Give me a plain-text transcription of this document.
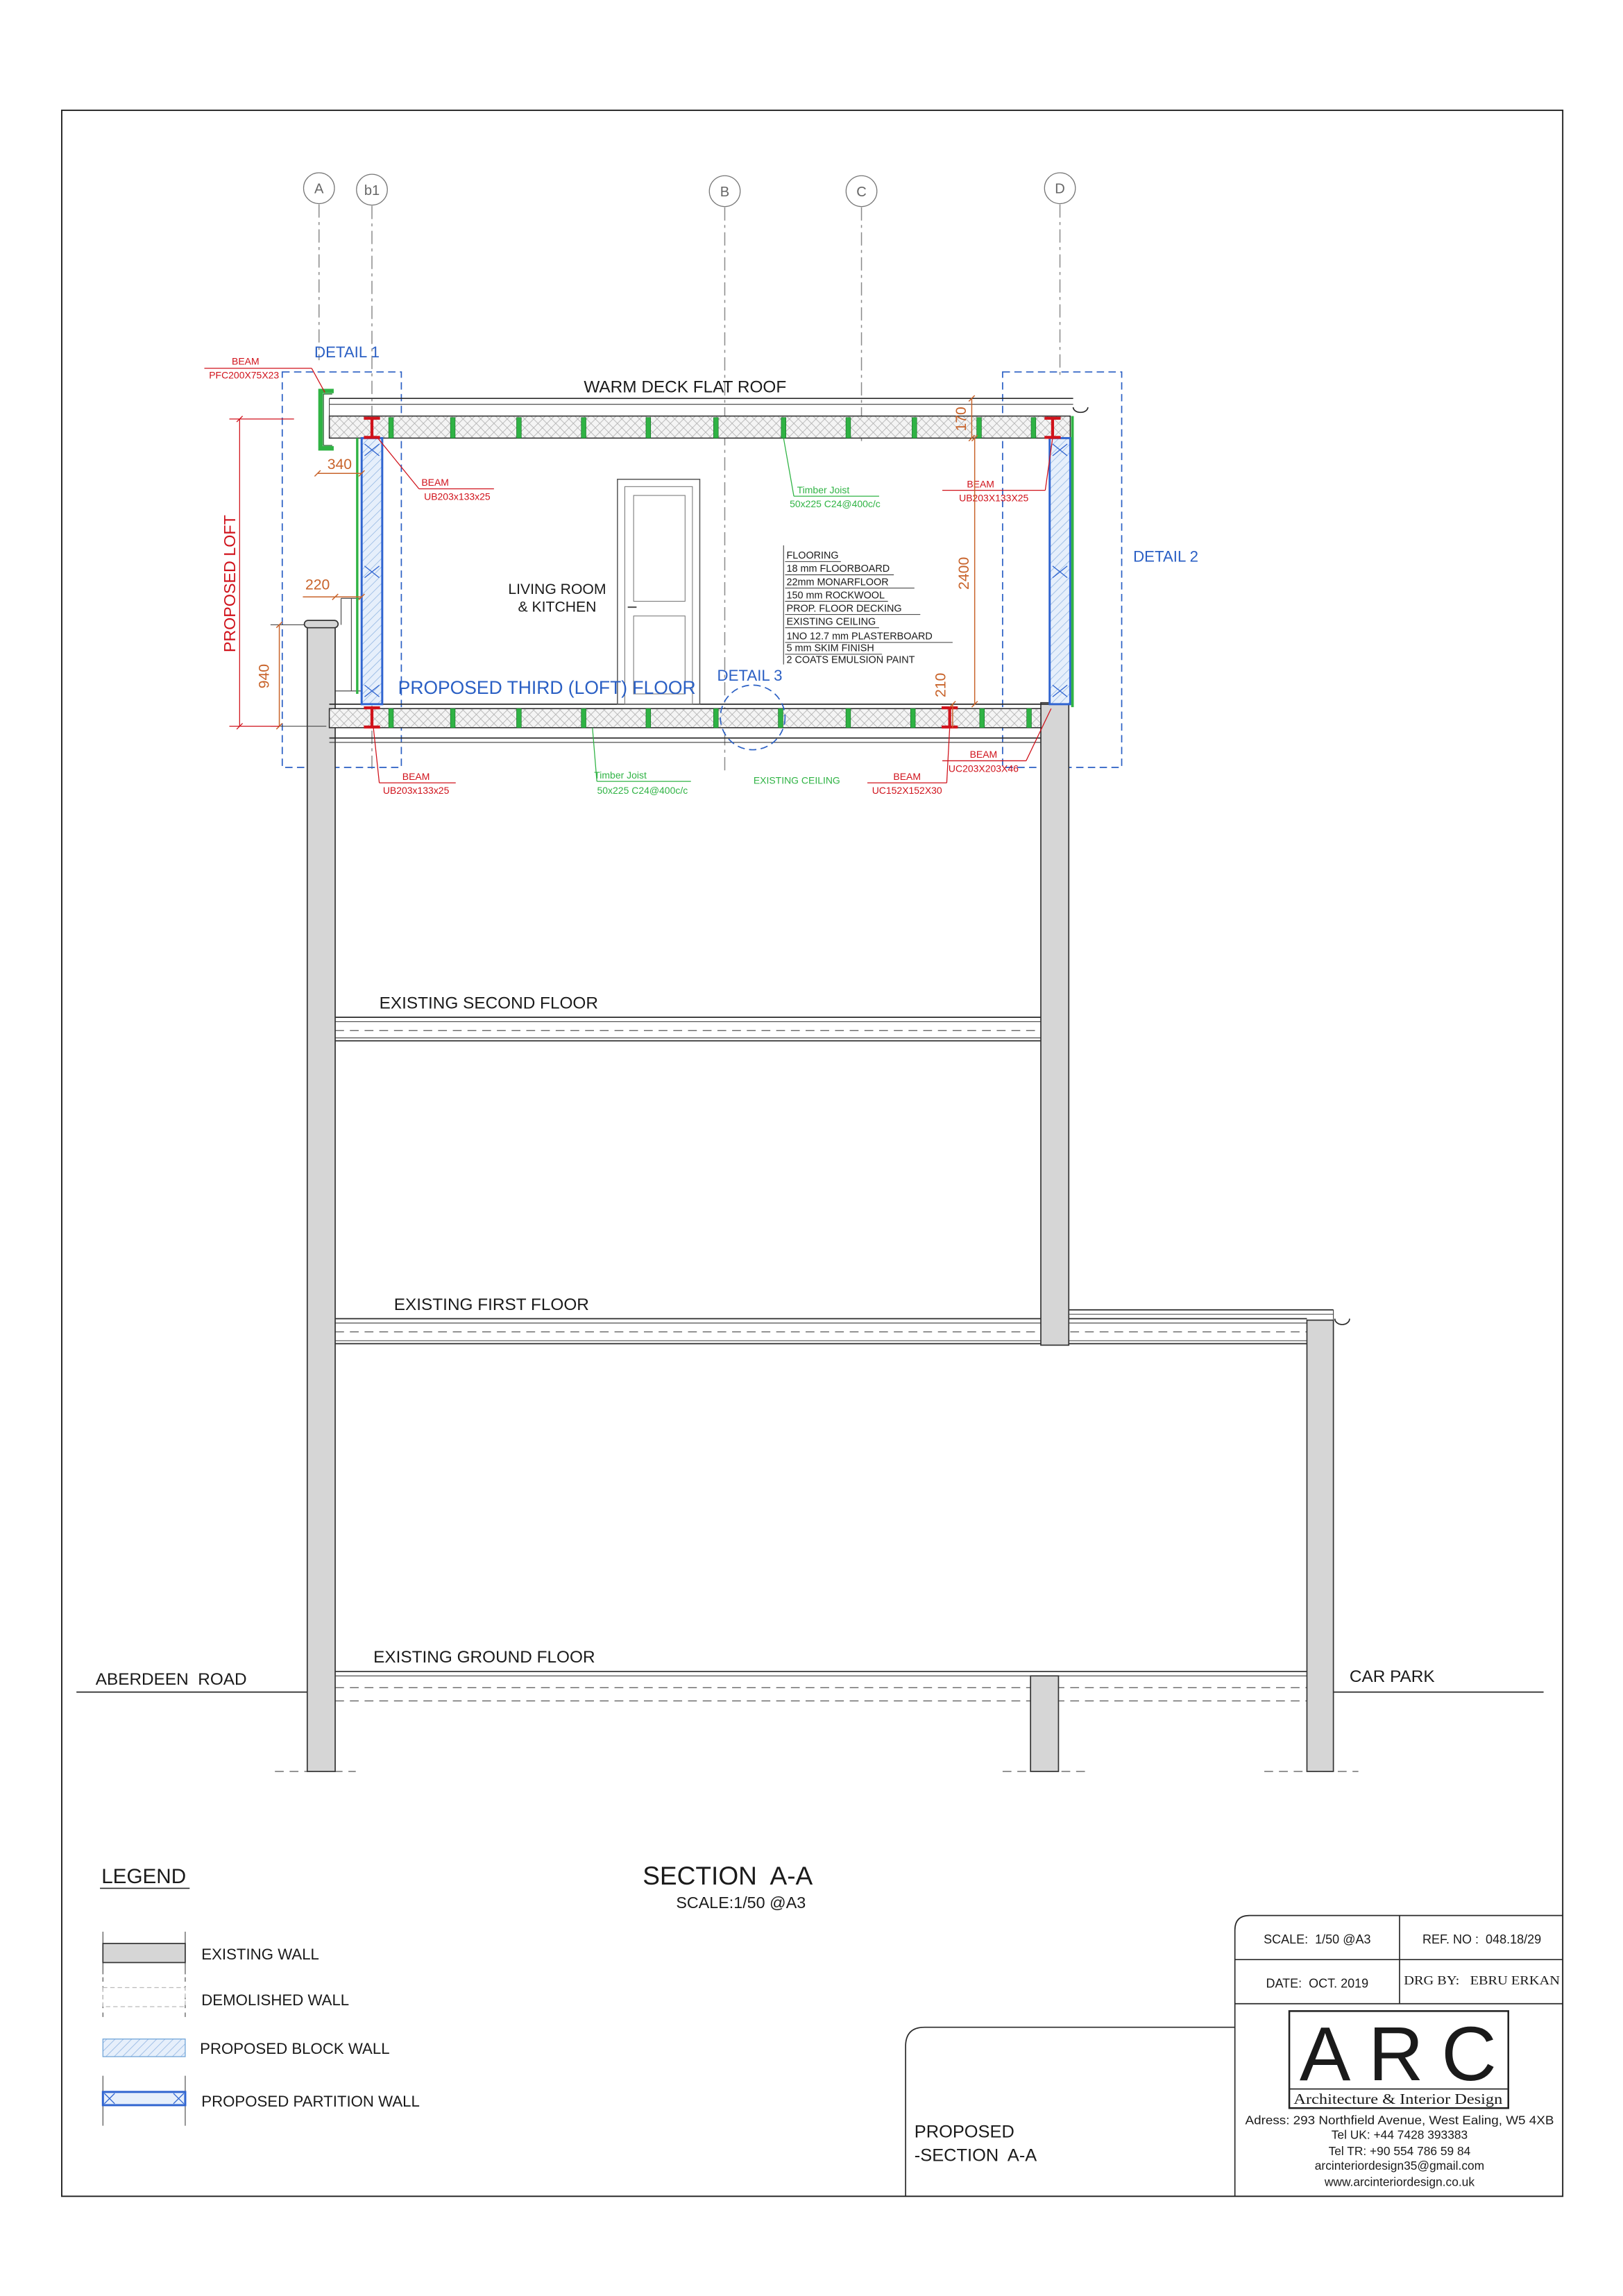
A	b1	B	C	D
DETAIL 1
DETAIL 2
EXISTING SECOND FLOOR
EXISTING FIRST FLOOR
EXISTING GROUND FLOOR
ABERDEEN  ROAD	CAR PARK
WARM DECK FLAT ROOF
LIVING ROOM
& KITCHEN
PROPOSED THIRD (LOFT) FLOOR
DETAIL 3
FLOORING
18 mm FLOORBOARD
22mm MONARFLOOR
150 mm ROCKWOOL
PROP. FLOOR DECKING
EXISTING CEILING
1NO 12.7 mm PLASTERBOARD
5 mm SKIM FINISH
2 COATS EMULSION PAINT
BEAM
PFC200X75X23
BEAM
UB203x133x25
BEAM
UB203X133X25
BEAM
UB203x133x25
BEAM
UC152X152X30
BEAM
UC203X203X46
Timber Joist
50x225 C24@400c/c
Timber Joist
50x225 C24@400c/c
EXISTING CEILING
340
220
940
170
2400
210
PROPOSED LOFT
SECTION  A-A
SCALE:1/50 @A3
LEGEND
EXISTING WALL
DEMOLISHED WALL
PROPOSED BLOCK WALL
PROPOSED PARTITION WALL
PROPOSED
-SECTION  A-A
SCALE:  1/50 @A3	REF. NO :  048.18/29
DATE:  OCT. 2019	DRG BY:   EBRU ERKAN
ARC
Architecture & Interior Design
Adress: 293 Northfield Avenue, West Ealing, W5 4XB
Tel UK: +44 7428 393383
Tel TR: +90 554 786 59 84
arcinteriordesign35@gmail.com
www.arcinteriordesign.co.uk
